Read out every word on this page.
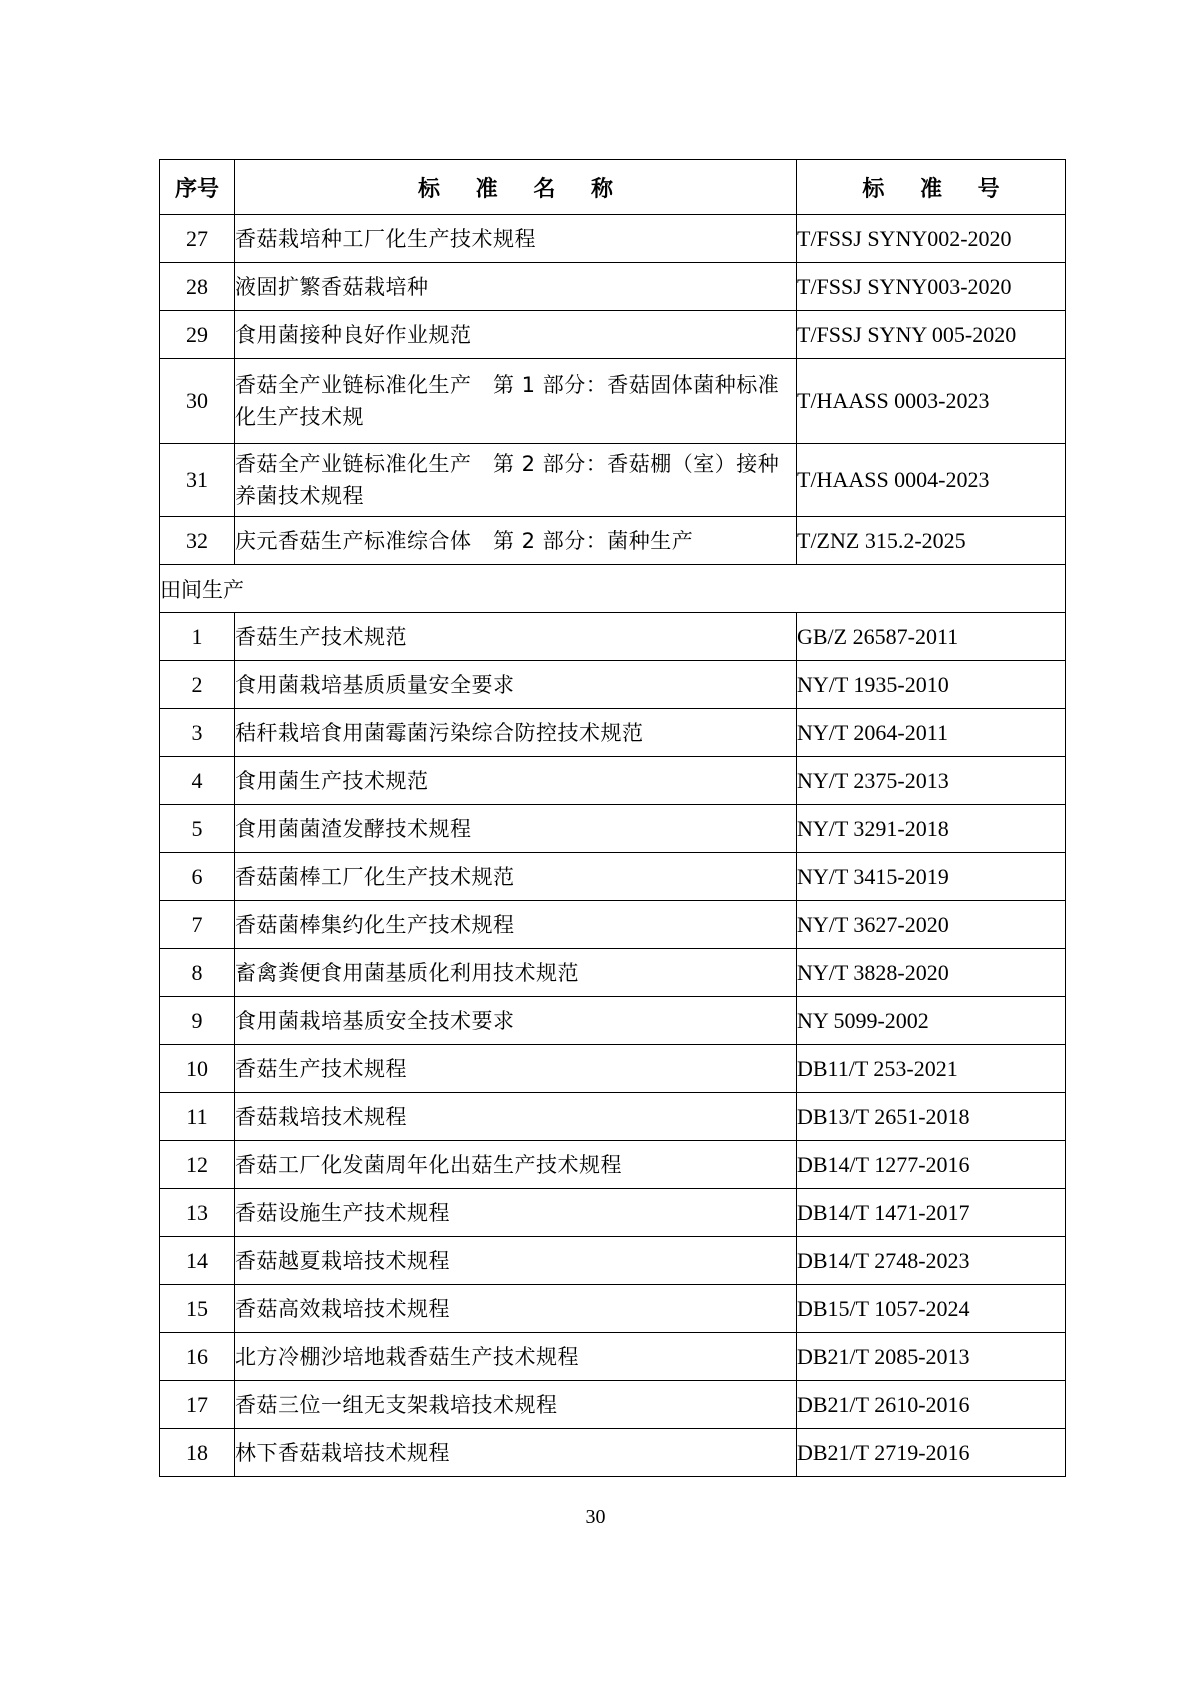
序号	标 准 名 称	标 准 号
27	香菇栽培种工厂化生产技术规程	T/FSSJ SYNY002-2020
28	液固扩繁香菇栽培种	T/FSSJ SYNY003-2020
29	食用菌接种良好作业规范	T/FSSJ SYNY 005-2020
30	香菇全产业链标准化生产　第 1 部分：香菇固体菌种标准化生产技术规	T/HAASS 0003-2023
31	香菇全产业链标准化生产　第 2 部分：香菇棚（室）接种养菌技术规程	T/HAASS 0004-2023
32	庆元香菇生产标准综合体　第 2 部分：菌种生产	T/ZNZ 315.2-2025
田间生产		
1	香菇生产技术规范	GB/Z 26587-2011
2	食用菌栽培基质质量安全要求	NY/T 1935-2010
3	秸秆栽培食用菌霉菌污染综合防控技术规范	NY/T 2064-2011
4	食用菌生产技术规范	NY/T 2375-2013
5	食用菌菌渣发酵技术规程	NY/T 3291-2018
6	香菇菌棒工厂化生产技术规范	NY/T 3415-2019
7	香菇菌棒集约化生产技术规程	NY/T 3627-2020
8	畜禽粪便食用菌基质化利用技术规范	NY/T 3828-2020
9	食用菌栽培基质安全技术要求	NY 5099-2002
10	香菇生产技术规程	DB11/T 253-2021
11	香菇栽培技术规程	DB13/T 2651-2018
12	香菇工厂化发菌周年化出菇生产技术规程	DB14/T 1277-2016
13	香菇设施生产技术规程	DB14/T 1471-2017
14	香菇越夏栽培技术规程	DB14/T 2748-2023
15	香菇高效栽培技术规程	DB15/T 1057-2024
16	北方冷棚沙培地栽香菇生产技术规程	DB21/T 2085-2013
17	香菇三位一组无支架栽培技术规程	DB21/T 2610-2016
18	林下香菇栽培技术规程	DB21/T 2719-2016
30
